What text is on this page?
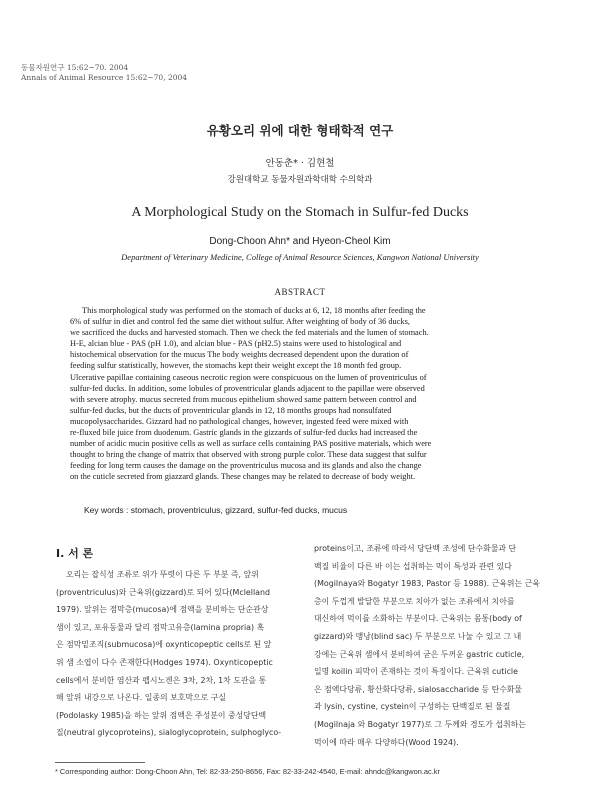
동물자원연구 15:62~70. 2004
Annals of Animal Resource 15:62~70, 2004
유황오리 위에 대한 형태학적 연구
안동춘* · 김현철
강원대학교 동물자원과학대학 수의학과
A Morphological Study on the Stomach in Sulfur-fed Ducks
Dong-Choon Ahn* and Hyeon-Cheol Kim
Department of Veterinary Medicine, College of Animal Resource Sciences, Kangwon National University
ABSTRACT
This morphological study was performed on the stomach of ducks at 6, 12, 18 months after feeding the
6% of sulfur in diet and control fed the same diet without sulfur. After weighting of body of 36 ducks,
we sacrificed the ducks and harvested stomach. Then we check the fed materials and the lumen of stomach.
H-E, alcian blue - PAS (pH 1.0), and alcian blue - PAS (pH2.5) stains were used to histological and
histochemical observation for the mucus The body weights decreased dependent upon the duration of
feeding sulfur statistically, however, the stomachs kept their weight except the 18 month fed group.
Ulcerative papillae containing caseous necrotic region were conspicuous on the lumen of proventriculus of
sulfur-fed ducks. In addition, some lobules of proventricular glands adjacent to the papillae were observed
with severe atrophy. mucus secreted from mucous epithelium showed same pattern between control and
sulfur-fed ducks, but the ducts of proventricular glands in 12, 18 months groups had nonsulfated
mucopolysaccharides. Gizzard had no pathological changes, however, ingested feed were mixed with
re-fluxed bile juice from duodenum. Gastric glands in the gizzards of sulfur-fed ducks had increased the
number of acidic mucin positive cells as well as surface cells containing PAS positive materials, which were
thought to bring the change of matrix that observed with strong purple color. These data suggest that sulfur
feeding for long term causes the damage on the proventriculus mucosa and its glands and also the change
on the cuticle secreted from giazzard glands. These changes may be related to decrease of body weight.
Key words : stomach, proventriculus, gizzard, sulfur-fed ducks, mucus
Ⅰ. 서 론
오리는 잡식성 조류로 위가 뚜렷이 다른 두 부분 즉, 앞위
(proventriculus)와 근육위(gizzard)로 되어 있다(Mclelland
1979). 앞위는 점막층(mucosa)에 점액을 분비하는 단순관상
샘이 있고, 포유동물과 달리 점막고유층(lamina propria) 혹
은 점막밑조직(submucosa)에 oxynticopeptic cells로 된 앞
위 샘 소엽이 다수 존재한다(Hodges 1974). Oxynticopeptic
cells에서 분비한 염산과 펩시노겐은 3차, 2차, 1차 도관을 통
해 앞위 내강으로 나온다. 일종의 보호막으로 구실
(Podolasky 1985)을 하는 앞위 점액은 주성분이 중성당단백
질(neutral glycoproteins), sialoglycoprotein, sulphoglyco-
proteins이고, 조류에 따라서 당단백 조성에 단수화물과 단
백질 비율이 다른 바 이는 섭취하는 먹이 특성과 관련 있다
(Mogilnaya와 Bogatyr 1983, Pastor 등 1988). 근육위는 근육
층이 두껍게 발달한 부분으로 치아가 없는 조류에서 치아를
대신하여 먹이를 소화하는 부분이다. 근육위는 몸통(body of
gizzard)와 맹낭(blind sac) 두 부분으로 나눌 수 있고 그 내
강에는 근육위 샘에서 분비하여 굳은 두꺼운 gastric cuticle,
일명 koilin 피막이 존재하는 것이 특징이다. 근육위 cuticle
은 점액다당류, 황산화다당류, sialosaccharide 등 탄수화물
과 lysin, cystine, cystein이 구성하는 단백질로 된 물질
(Mogilnaja 와 Bogatyr 1977)로 그 두께와 경도가 섭취하는
먹이에 따라 매우 다양하다(Wood 1924).
* Corresponding author: Dong-Choon Ahn, Tel: 82-33-250-8656, Fax: 82-33-242-4540, E-mail: ahndc@kangwon.ac.kr
